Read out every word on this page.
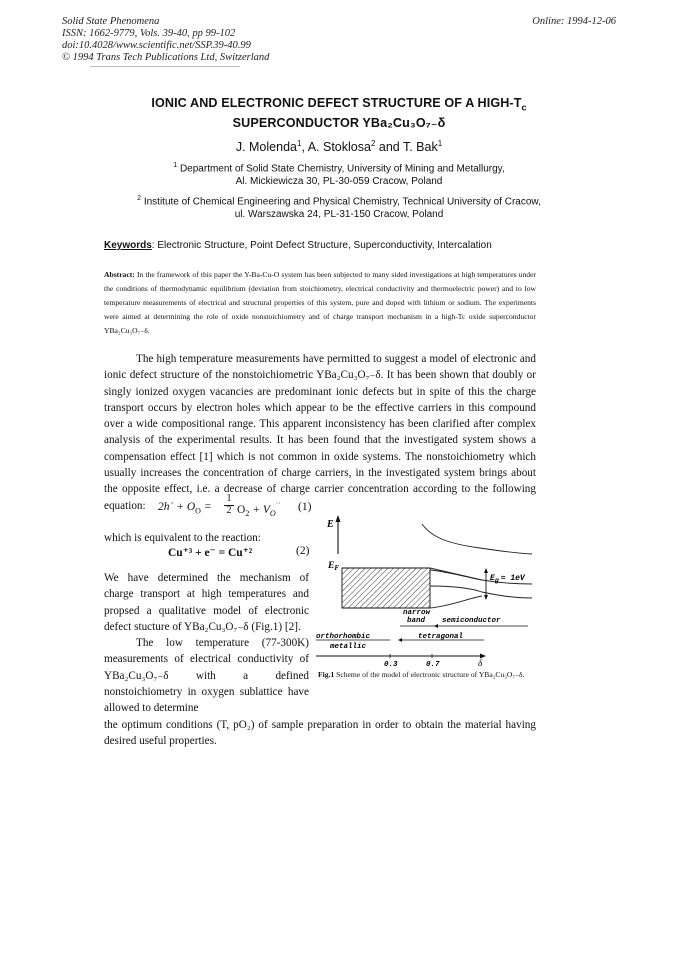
Solid State Phenomena
ISSN: 1662-9779, Vols. 39-40, pp 99-102
doi:10.4028/www.scientific.net/SSP.39-40.99
© 1994 Trans Tech Publications Ltd, Switzerland
Online: 1994-12-06
IONIC AND ELECTRONIC DEFECT STRUCTURE OF A HIGH-$T_c$
SUPERCONDUCTOR YBa₂Cu₃O₇₋δ
J. Molenda$^1$, A. Stoklosa$^2$ and T. Bak$^1$
$^1$ Department of Solid State Chemistry, University of Mining and Metallurgy,
Al. Mickiewicza 30, PL-30-059 Cracow, Poland
$^2$ Institute of Chemical Engineering and Physical Chemistry, Technical University of Cracow,
ul. Warszawska 24, PL-31-150 Cracow, Poland
Keywords: Electronic Structure, Point Defect Structure, Superconductivity, Intercalation
Abstract: In the framework of this paper the Y-Ba-Cu-O system has been subjected to many sided investigations at high temperatures under the conditions of thermodynamic equilibrium (deviation from stoichiometry, electrical conductivity and thermoelectric power) and to low temperature measurements of electrical and structural properties of this system, pure and doped with lithium or sodium. The experiments were aimed at determining the role of oxide nonstoichiometry and of charge transport mechanism in a high-Tc oxide superconductor YBa₂Cu₃O₇₋δ.

The high temperature measurements have permitted to suggest a model of electronic and ionic defect structure of the nonstoichiometric YBa₂Cu₃O₇₋δ. It has been shown that doubly or singly ionized oxygen vacancies are predominant ionic defects but in spite of this the charge transport occurs by electron holes which appear to be the effective carriers in this compound over a wide compositional range. This apparent inconsistency has been clarified after complex analysis of the experimental results. It has been found that the investigated system shows a compensation effect [1] which is not common in oxide systems. The nonstoichiometry which usually increases the concentration of charge carriers, in the investigated system brings about the opposite effect, i.e. a decrease of charge carrier concentration according to the following equation:	2h˙ + $O_O$ =
1

2 $O_2 + V_O^{˙˙}$ (1)

which is equivalent to the reaction:

Cu⁺³ + e⁻ = Cu⁺²	(2)

We have determined the mechanism of charge transport at high temperatures and propsed a qualitative model of electronic defect stucture of YBa₂Cu₃O₇₋δ (Fig.1) [2].

The low temperature (77-300K) measurements of electrical conductivity of YBa₂Cu₃O₇₋δ with a defined nonstoichiometry in oxygen sublattice have allowed to determine

the optimum conditions (T, pO₂) of sample preparation in order to obtain the material having desired useful properties.

E
$E_F$
$E_g \approx 1eV$
narrow
band semiconductor
orthorhombic
metallic
tetragonal
0.3	0.7	δ
Fig.1 Scheme of the model of electronic structure of YBa₂Cu₃O₇₋δ.
